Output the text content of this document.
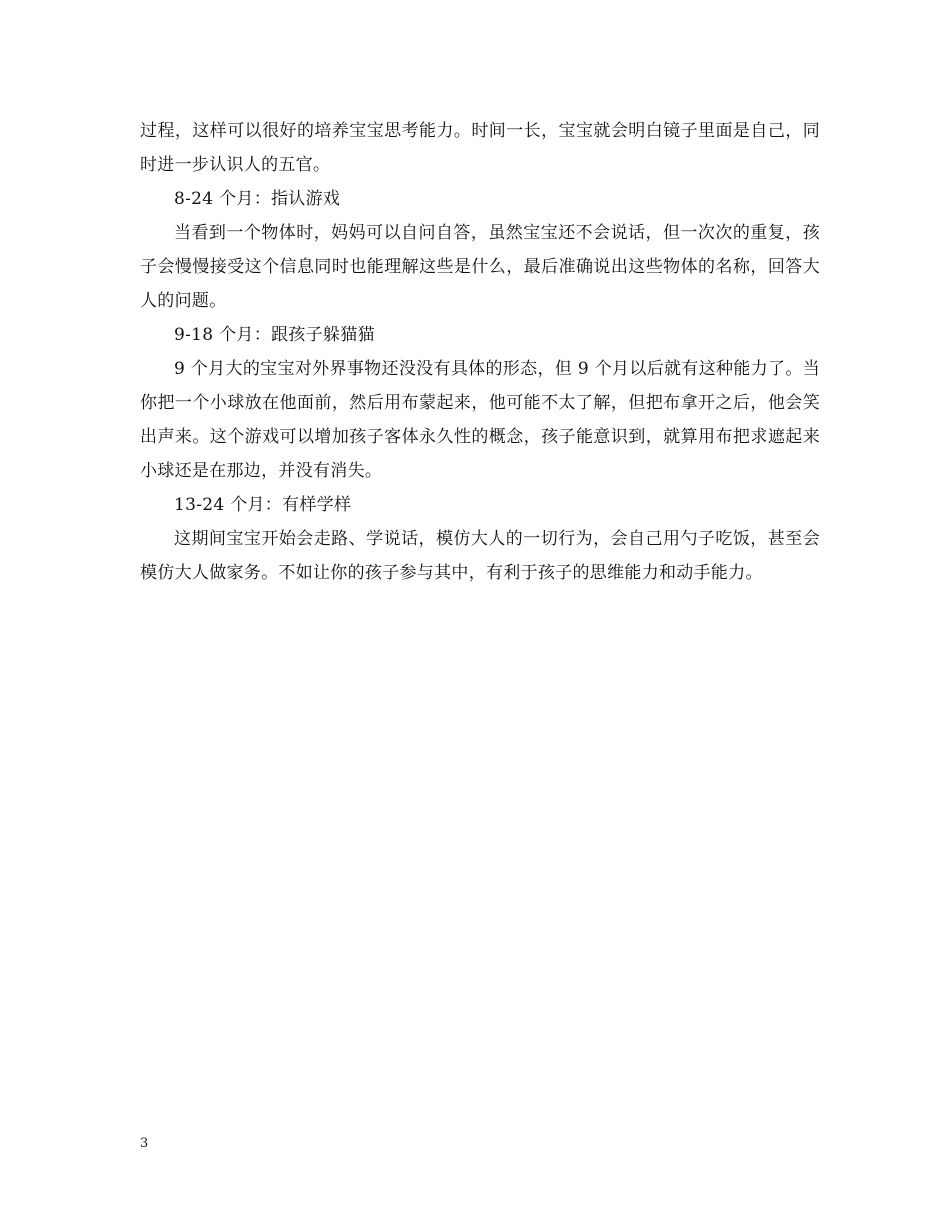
过程，这样可以很好的培养宝宝思考能力。时间一长，宝宝就会明白镜子里面是自己，同时进一步认识人的五官。

8-24 个月：指认游戏

当看到一个物体时，妈妈可以自问自答，虽然宝宝还不会说话，但一次次的重复，孩子会慢慢接受这个信息同时也能理解这些是什么，最后准确说出这些物体的名称，回答大人的问题。

9-18 个月：跟孩子躲猫猫

9 个月大的宝宝对外界事物还没没有具体的形态，但 9 个月以后就有这种能力了。当你把一个小球放在他面前，然后用布蒙起来，他可能不太了解，但把布拿开之后，他会笑出声来。这个游戏可以增加孩子客体永久性的概念，孩子能意识到，就算用布把求遮起来小球还是在那边，并没有消失。

13-24 个月：有样学样

这期间宝宝开始会走路、学说话，模仿大人的一切行为，会自己用勺子吃饭，甚至会模仿大人做家务。不如让你的孩子参与其中，有利于孩子的思维能力和动手能力。

3
